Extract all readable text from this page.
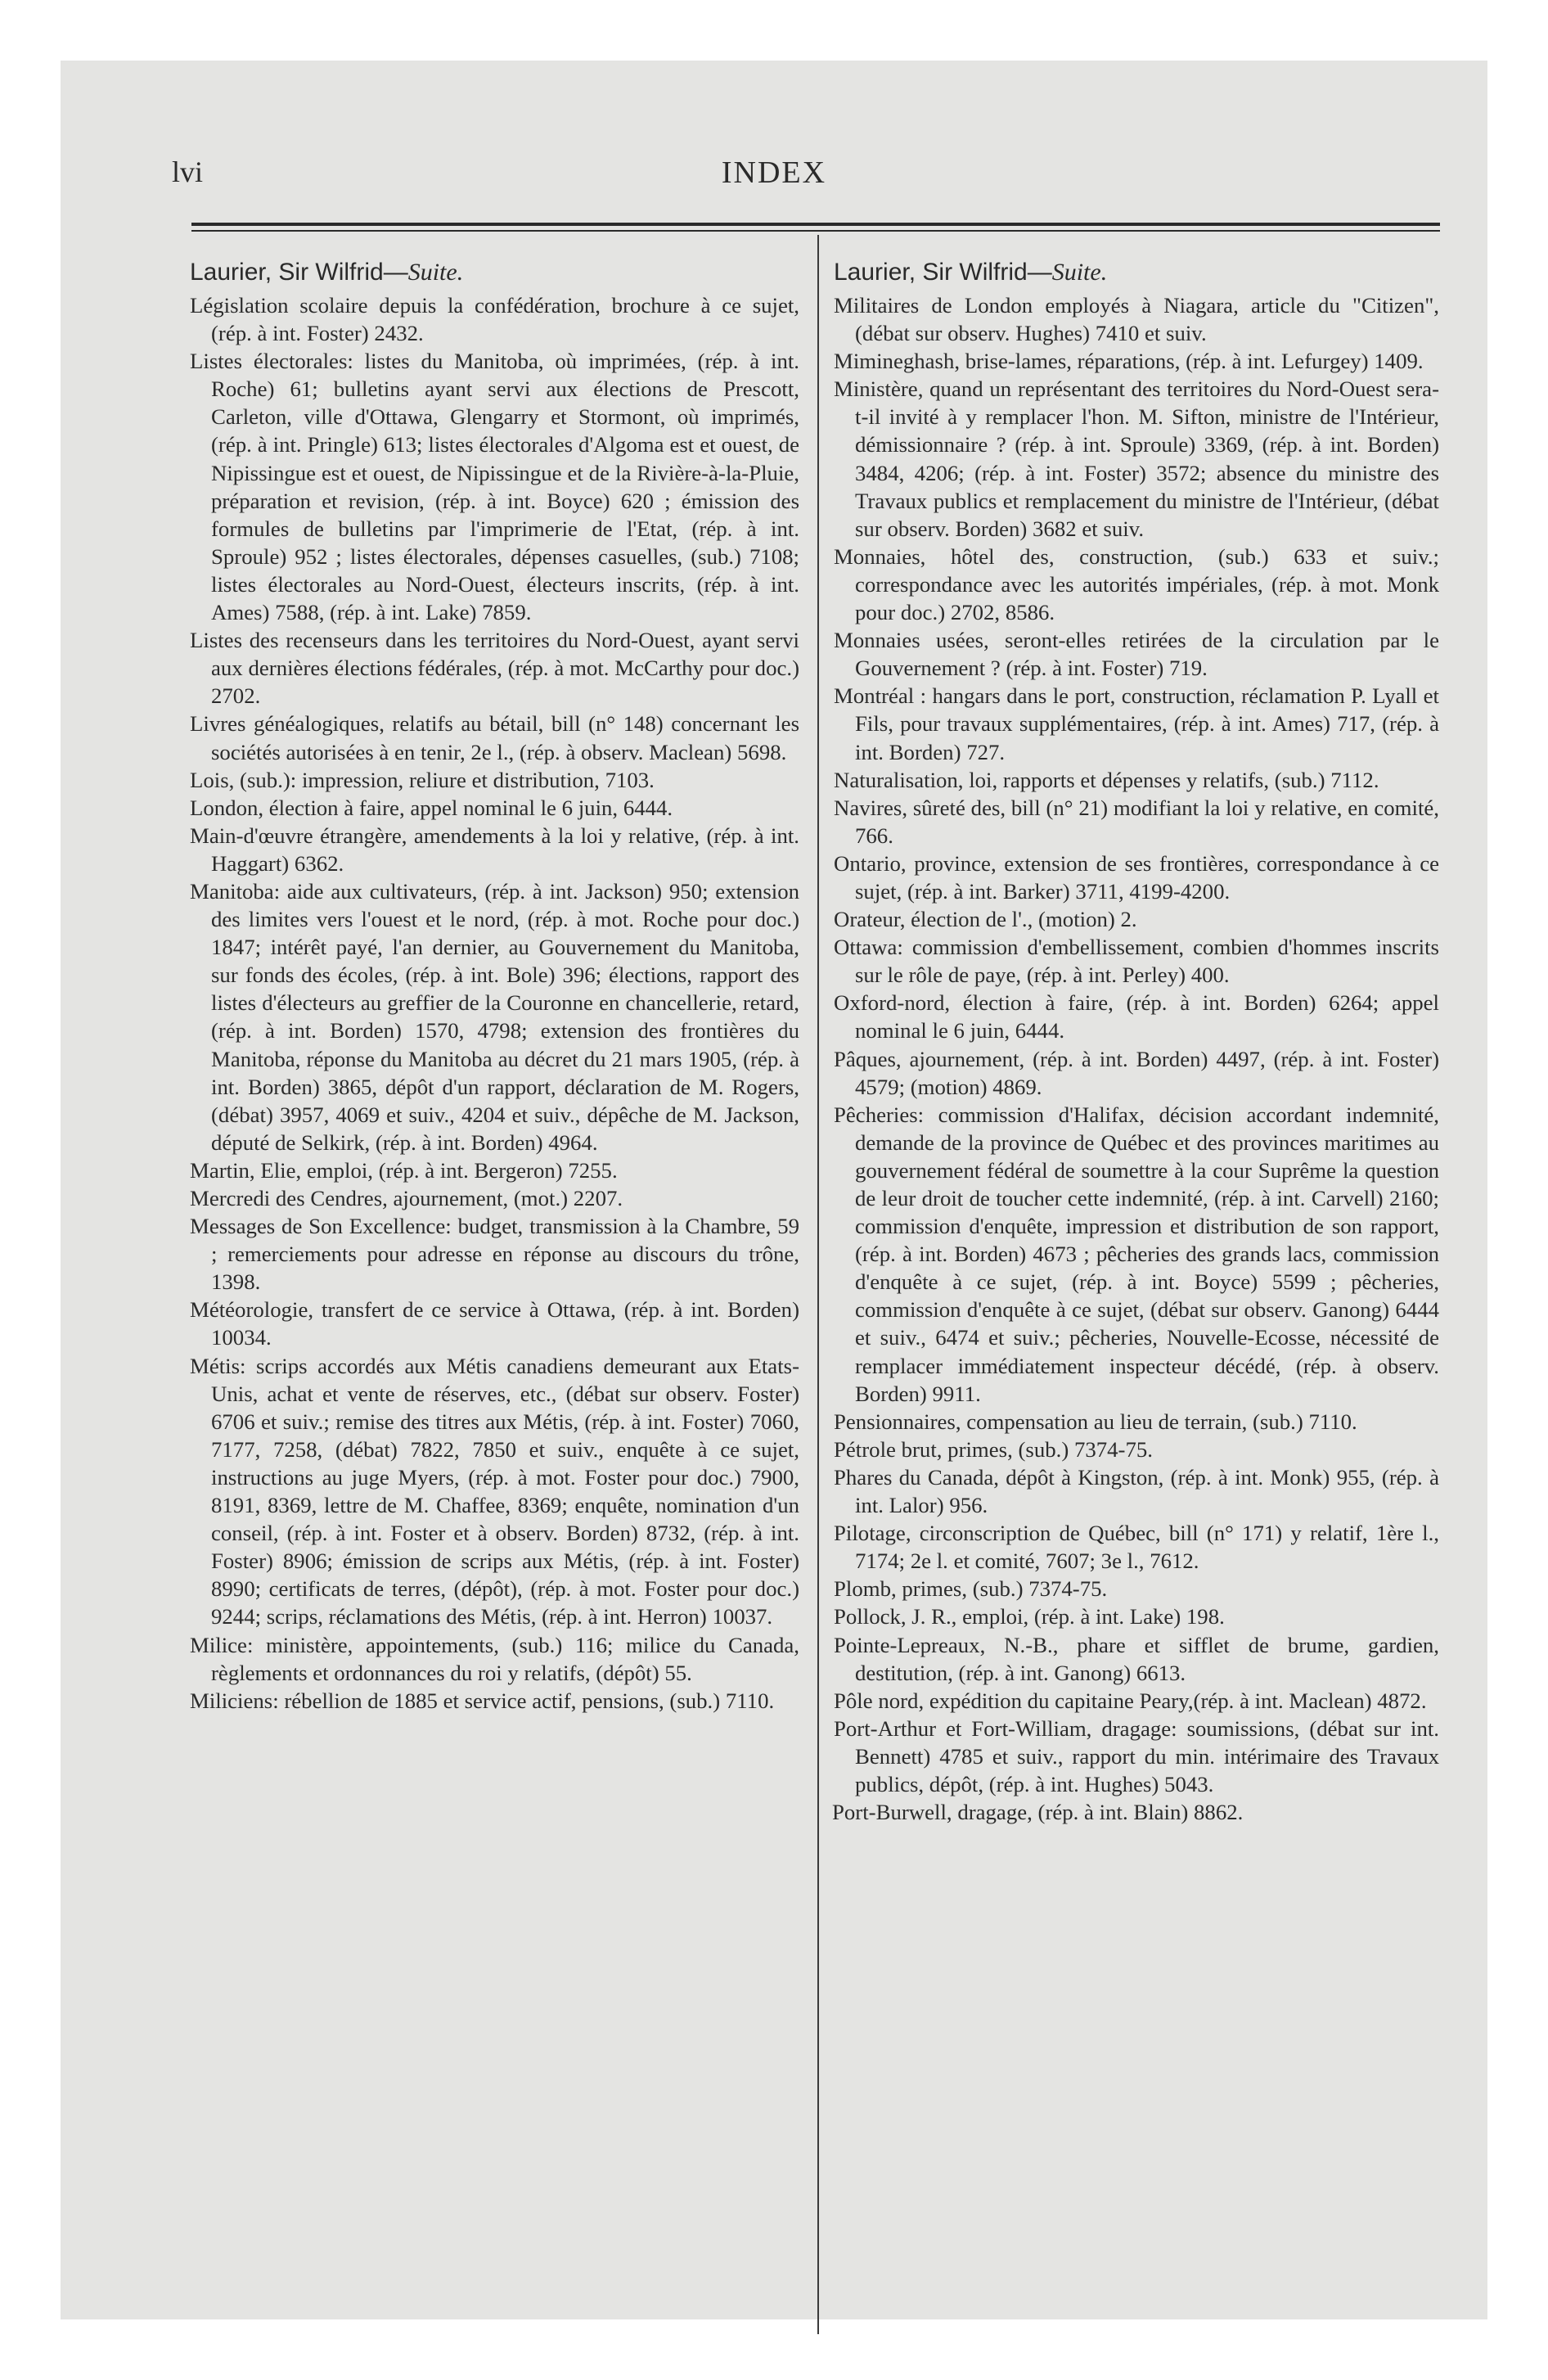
lvi	INDEX
Laurier, Sir Wilfrid—Suite.
Législation scolaire depuis la confédération, brochure à ce sujet, (rép. à int. Foster) 2432.
Listes électorales: listes du Manitoba, où imprimées, (rép. à int. Roche) 61; bulletins ayant servi aux élections de Prescott, Carleton, ville d'Ottawa, Glengarry et Stormont, où imprimés, (rép. à int. Pringle) 613; listes électorales d'Algoma est et ouest, de Nipissingue est et ouest, de Nipissingue et de la Rivière-à-la-Pluie, préparation et revision, (rép. à int. Boyce) 620 ; émission des formules de bulletins par l'imprimerie de l'Etat, (rép. à int. Sproule) 952 ; listes électorales, dépenses casuelles, (sub.) 7108; listes électorales au Nord-Ouest, électeurs inscrits, (rép. à int. Ames) 7588, (rép. à int. Lake) 7859.
Listes des recenseurs dans les territoires du Nord-Ouest, ayant servi aux dernières élections fédérales, (rép. à mot. McCarthy pour doc.) 2702.
Livres généalogiques, relatifs au bétail, bill (n° 148) concernant les sociétés autorisées à en tenir, 2e l., (rép. à observ. Maclean) 5698.
Lois, (sub.): impression, reliure et distribution, 7103.
London, élection à faire, appel nominal le 6 juin, 6444.
Main-d'œuvre étrangère, amendements à la loi y relative, (rép. à int. Haggart) 6362.
Manitoba: aide aux cultivateurs, (rép. à int. Jackson) 950; extension des limites vers l'ouest et le nord, (rép. à mot. Roche pour doc.) 1847; intérêt payé, l'an dernier, au Gouvernement du Manitoba, sur fonds des écoles, (rép. à int. Bole) 396; élections, rapport des listes d'électeurs au greffier de la Couronne en chancellerie, retard, (rép. à int. Borden) 1570, 4798; extension des frontières du Manitoba, réponse du Manitoba au décret du 21 mars 1905, (rép. à int. Borden) 3865, dépôt d'un rapport, déclaration de M. Rogers, (débat) 3957, 4069 et suiv., 4204 et suiv., dépêche de M. Jackson, député de Selkirk, (rép. à int. Borden) 4964.
Martin, Elie, emploi, (rép. à int. Bergeron) 7255.
Mercredi des Cendres, ajournement, (mot.) 2207.
Messages de Son Excellence: budget, transmission à la Chambre, 59 ; remerciements pour adresse en réponse au discours du trône, 1398.
Météorologie, transfert de ce service à Ottawa, (rép. à int. Borden) 10034.
Métis: scrips accordés aux Métis canadiens demeurant aux Etats-Unis, achat et vente de réserves, etc., (débat sur observ. Foster) 6706 et suiv.; remise des titres aux Métis, (rép. à int. Foster) 7060, 7177, 7258, (débat) 7822, 7850 et suiv., enquête à ce sujet, instructions au juge Myers, (rép. à mot. Foster pour doc.) 7900, 8191, 8369, lettre de M. Chaffee, 8369; enquête, nomination d'un conseil, (rép. à int. Foster et à observ. Borden) 8732, (rép. à int. Foster) 8906; émission de scrips aux Métis, (rép. à int. Foster) 8990; certificats de terres, (dépôt), (rép. à mot. Foster pour doc.) 9244; scrips, réclamations des Métis, (rép. à int. Herron) 10037.
Milice: ministère, appointements, (sub.) 116; milice du Canada, règlements et ordonnances du roi y relatifs, (dépôt) 55.
Miliciens: rébellion de 1885 et service actif, pensions, (sub.) 7110.
Laurier, Sir Wilfrid—Suite.
Militaires de London employés à Niagara, article du "Citizen", (débat sur observ. Hughes) 7410 et suiv.
Mimineghash, brise-lames, réparations, (rép. à int. Lefurgey) 1409.
Ministère, quand un représentant des territoires du Nord-Ouest sera-t-il invité à y remplacer l'hon. M. Sifton, ministre de l'Intérieur, démissionnaire ? (rép. à int. Sproule) 3369, (rép. à int. Borden) 3484, 4206; (rép. à int. Foster) 3572; absence du ministre des Travaux publics et remplacement du ministre de l'Intérieur, (débat sur observ. Borden) 3682 et suiv.
Monnaies, hôtel des, construction, (sub.) 633 et suiv.; correspondance avec les autorités impériales, (rép. à mot. Monk pour doc.) 2702, 8586.
Monnaies usées, seront-elles retirées de la circulation par le Gouvernement ? (rép. à int. Foster) 719.
Montréal : hangars dans le port, construction, réclamation P. Lyall et Fils, pour travaux supplémentaires, (rép. à int. Ames) 717, (rép. à int. Borden) 727.
Naturalisation, loi, rapports et dépenses y relatifs, (sub.) 7112.
Navires, sûreté des, bill (n° 21) modifiant la loi y relative, en comité, 766.
Ontario, province, extension de ses frontières, correspondance à ce sujet, (rép. à int. Barker) 3711, 4199-4200.
Orateur, élection de l'., (motion) 2.
Ottawa: commission d'embellissement, combien d'hommes inscrits sur le rôle de paye, (rép. à int. Perley) 400.
Oxford-nord, élection à faire, (rép. à int. Borden) 6264; appel nominal le 6 juin, 6444.
Pâques, ajournement, (rép. à int. Borden) 4497, (rép. à int. Foster) 4579; (motion) 4869.
Pêcheries: commission d'Halifax, décision accordant indemnité, demande de la province de Québec et des provinces maritimes au gouvernement fédéral de soumettre à la cour Suprême la question de leur droit de toucher cette indemnité, (rép. à int. Carvell) 2160; commission d'enquête, impression et distribution de son rapport, (rép. à int. Borden) 4673 ; pêcheries des grands lacs, commission d'enquête à ce sujet, (rép. à int. Boyce) 5599 ; pêcheries, commission d'enquête à ce sujet, (débat sur observ. Ganong) 6444 et suiv., 6474 et suiv.; pêcheries, Nouvelle-Ecosse, nécessité de remplacer immédiatement inspecteur décédé, (rép. à observ. Borden) 9911.
Pensionnaires, compensation au lieu de terrain, (sub.) 7110.
Pétrole brut, primes, (sub.) 7374-75.
Phares du Canada, dépôt à Kingston, (rép. à int. Monk) 955, (rép. à int. Lalor) 956.
Pilotage, circonscription de Québec, bill (n° 171) y relatif, 1ère l., 7174; 2e l. et comité, 7607; 3e l., 7612.
Plomb, primes, (sub.) 7374-75.
Pollock, J. R., emploi, (rép. à int. Lake) 198.
Pointe-Lepreaux, N.-B., phare et sifflet de brume, gardien, destitution, (rép. à int. Ganong) 6613.
Pôle nord, expédition du capitaine Peary,(rép. à int. Maclean) 4872.
Port-Arthur et Fort-William, dragage: soumissions, (débat sur int. Bennett) 4785 et suiv., rapport du min. intérimaire des Travaux publics, dépôt, (rép. à int. Hughes) 5043.
Port-Burwell, dragage, (rép. à int. Blain) 8862.
